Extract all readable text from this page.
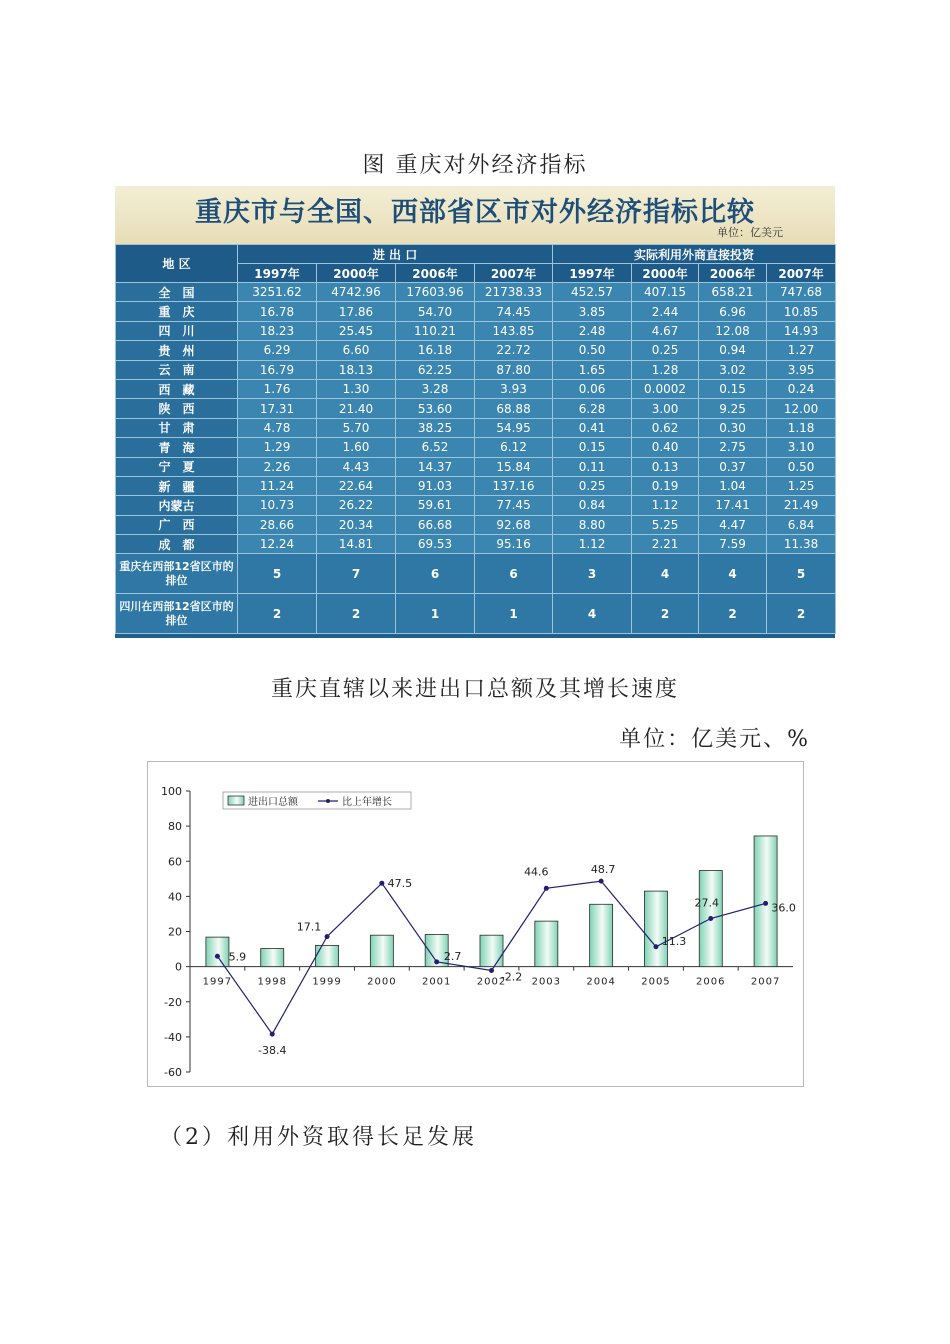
图 重庆对外经济指标
重庆市与全国、西部省区市对外经济指标比较
单位：亿美元
地 区	进 出 口				实际利用外商直接投资			
	1997年	2000年	2006年	2007年	1997年	2000年	2006年	2007年
全　国	3251.62	4742.96	17603.96	21738.33	452.57	407.15	658.21	747.68
重　庆	16.78	17.86	54.70	74.45	3.85	2.44	6.96	10.85
四　川	18.23	25.45	110.21	143.85	2.48	4.67	12.08	14.93
贵　州	6.29	6.60	16.18	22.72	0.50	0.25	0.94	1.27
云　南	16.79	18.13	62.25	87.80	1.65	1.28	3.02	3.95
西　藏	1.76	1.30	3.28	3.93	0.06	0.0002	0.15	0.24
陕　西	17.31	21.40	53.60	68.88	6.28	3.00	9.25	12.00
甘　肃	4.78	5.70	38.25	54.95	0.41	0.62	0.30	1.18
青　海	1.29	1.60	6.52	6.12	0.15	0.40	2.75	3.10
宁　夏	2.26	4.43	14.37	15.84	0.11	0.13	0.37	0.50
新　疆	11.24	22.64	91.03	137.16	0.25	0.19	1.04	1.25
内蒙古	10.73	26.22	59.61	77.45	0.84	1.12	17.41	21.49
广　西	28.66	20.34	66.68	92.68	8.80	5.25	4.47	6.84
成　都	12.24	14.81	69.53	95.16	1.12	2.21	7.59	11.38
重庆在西部12省区市的排位	5	7	6	6	3	4	4	5
四川在西部12省区市的排位	2	2	1	1	4	2	2	2
重庆直辖以来进出口总额及其增长速度
单位：亿美元、%
-60
-40
-20
0
20
40
60
80
100
1997	1998	1999	2000	2001	2002	2003	2004	2005	2006	2007
5.9
-38.4
17.1
47.5
2.7
-2.2
44.6	48.7
11.3
27.4	36.0
进出口总额	比上年增长
（2）利用外资取得长足发展
